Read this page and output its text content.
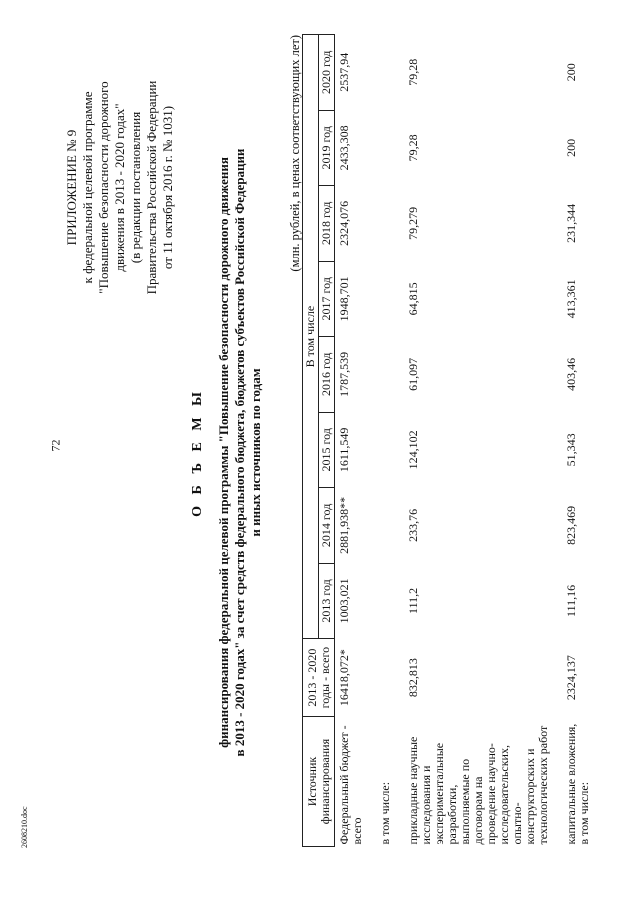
72
2608210.doc
ПРИЛОЖЕНИЕ № 9 к федеральной целевой программе "Повышение безопасности дорожного движения в 2013 - 2020 годах" (в редакции постановления Правительства Российской Федерации от 11 октября 2016 г. № 1031)
О Б Ъ Е М Ы финансирования федеральной целевой программы "Повышение безопасности дорожного движения в 2013 - 2020 годах" за счет средств федерального бюджета, бюджетов субъектов Российской Федерации и иных источников по годам
(млн. рублей, в ценах соответствующих лет)
Источник финансирования	2013 - 2020 годы - всего	В том числе							
		2013 год	2014 год	2015 год	2016 год	2017 год	2018 год	2019 год	2020 год
Федеральный бюджет - всего	16418,072*	1003,021	2881,938**	1611,549	1787,539	1948,701	2324,076	2433,308	2537,94
в том числе:									
прикладные научные исследования и экспериментальные разработки, выполняемые по договорам на проведение научно-исследовательских, опытно-конструкторских и технологических работ	832,813	111,2	233,76	124,102	61,097	64,815	79,279	79,28	79,28
капитальные вложения, в том числе:	2324,137	111,16	823,469	51,343	403,46	413,361	231,344	200	200
